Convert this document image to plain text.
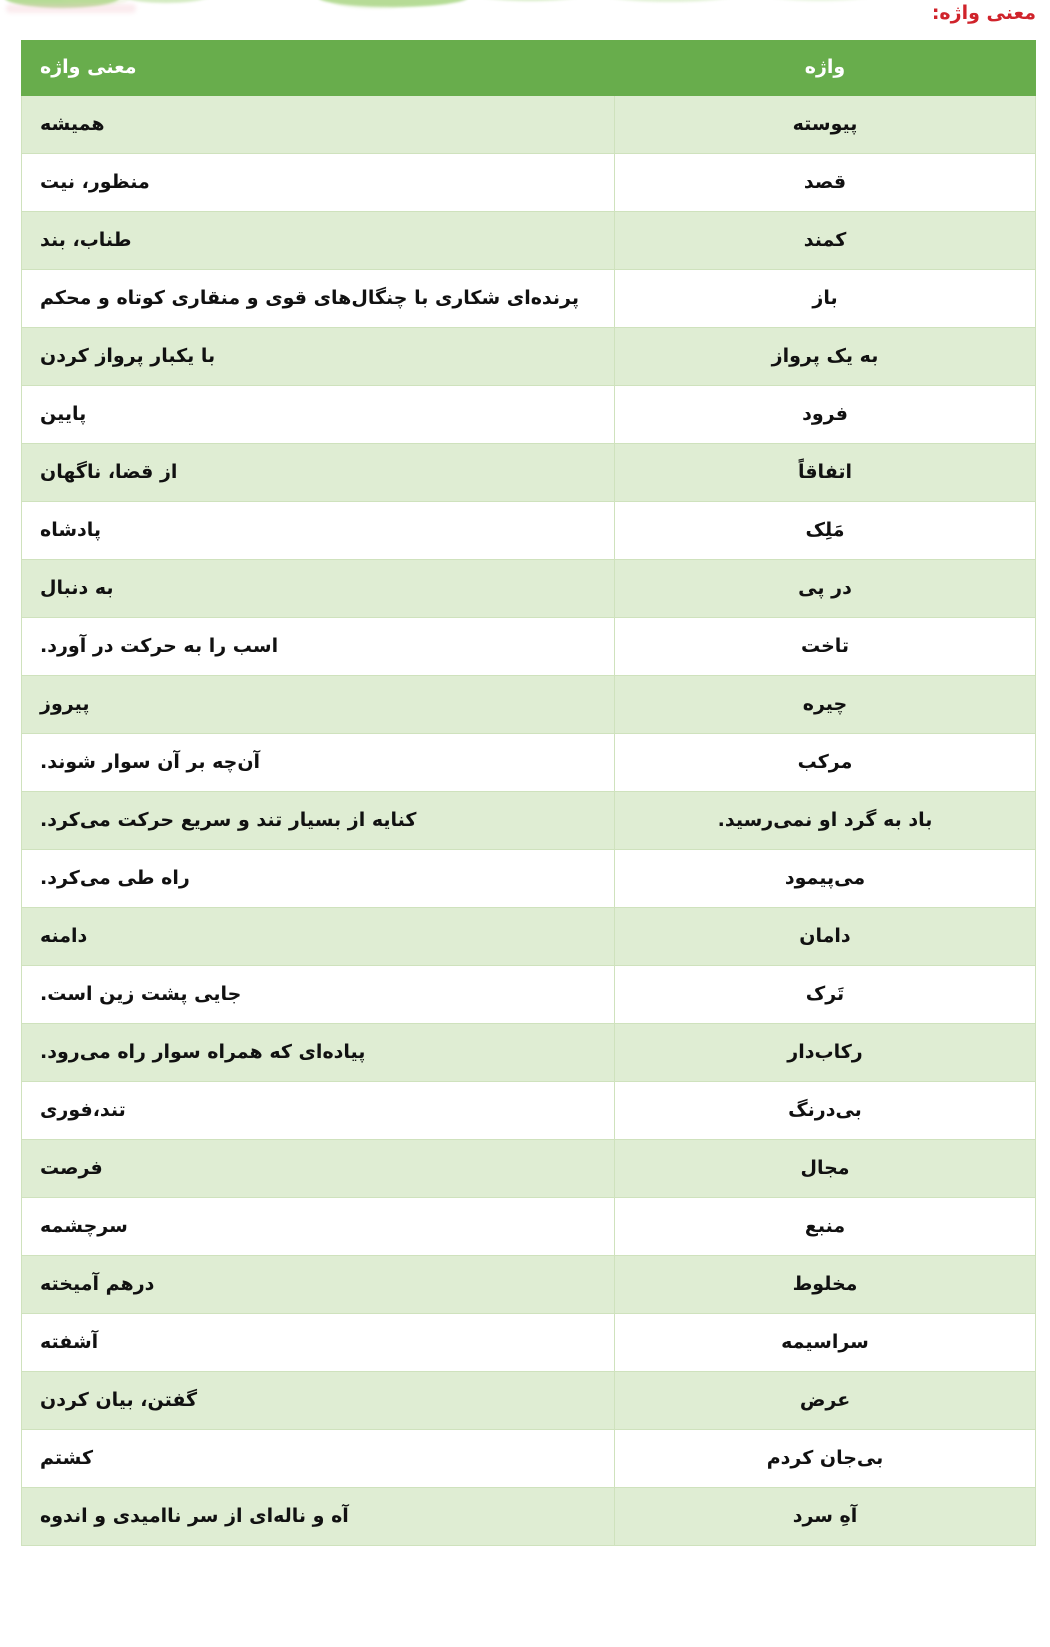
معنی واژه:
واژه	معنی واژه
پیوسته	همیشه
قصد	منظور، نیت
کمند	طناب، بند
باز	پرنده‌ای شکاری با چنگال‌های قوی و منقاری کوتاه و محکم
به یک پرواز	با یکبار پرواز کردن
فرود	پایین
اتفاقاً	از قضا، ناگهان
مَلِک	پادشاه
در پی	به دنبال
تاخت	اسب را به حرکت در آورد.
چیره	پیروز
مرکب	آن‌چه بر آن سوار شوند.
باد به گرد او نمی‌رسید.	کنایه از بسیار تند و سریع حرکت می‌کرد.
می‌پیمود	راه طی می‌کرد.
دامان	دامنه
تَرک	جایی پشت زین است.
رکاب‌دار	پیاده‌ای که همراه سوار راه می‌رود.
بی‌درنگ	تند،فوری
مجال	فرصت
منبع	سرچشمه
مخلوط	درهم آمیخته
سراسیمه	آشفته
عرض	گفتن، بیان کردن
بی‌جان کردم	کشتم
آهِ سرد	آه و ناله‌ای از سر ناامیدی و اندوه
